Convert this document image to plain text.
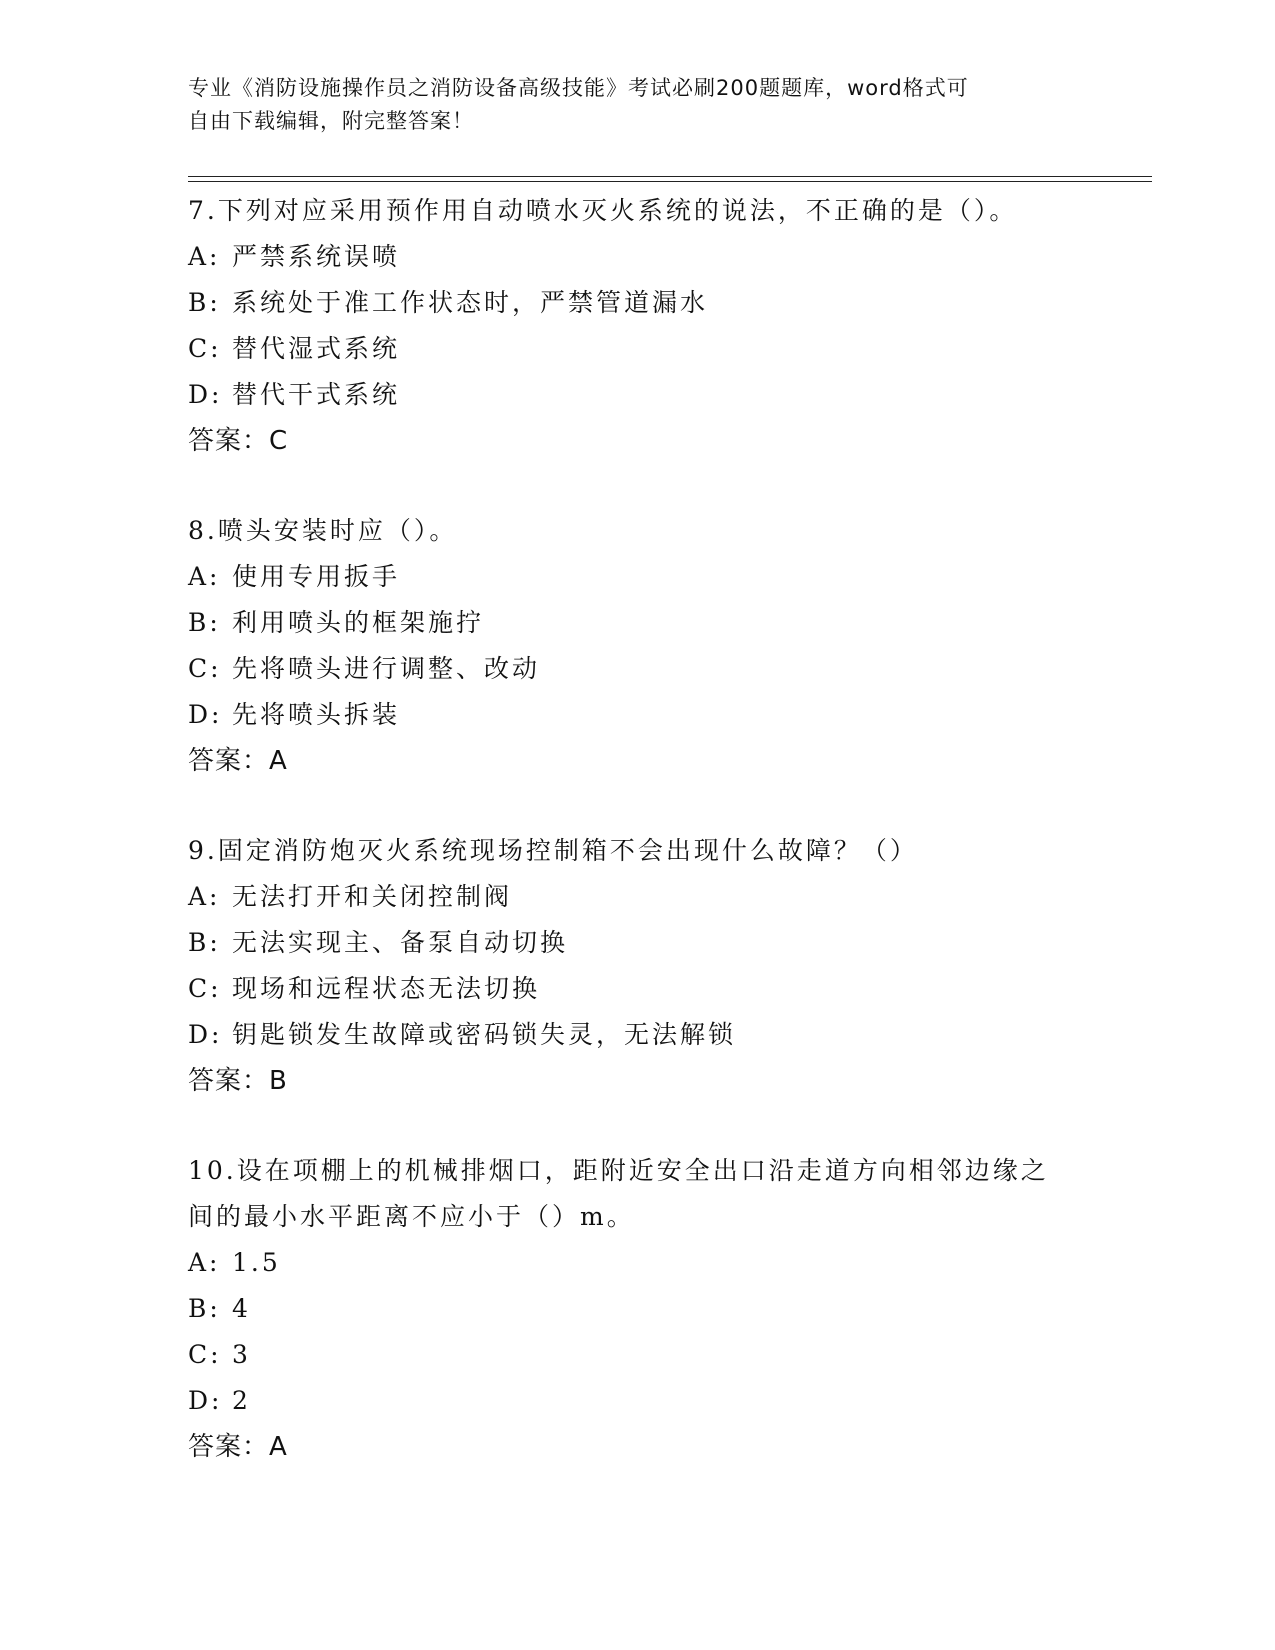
专业《消防设施操作员之消防设备高级技能》考试必刷200题题库，word格式可
自由下载编辑，附完整答案！
7.下列对应采用预作用自动喷水灭火系统的说法，不正确的是（）。
A: 严禁系统误喷
B: 系统处于准工作状态时，严禁管道漏水
C: 替代湿式系统
D: 替代干式系统
答案：C
8.喷头安装时应（）。
A: 使用专用扳手
B: 利用喷头的框架施拧
C: 先将喷头进行调整、改动
D: 先将喷头拆装
答案：A
9.固定消防炮灭火系统现场控制箱不会出现什么故障？（）
A: 无法打开和关闭控制阀
B: 无法实现主、备泵自动切换
C: 现场和远程状态无法切换
D: 钥匙锁发生故障或密码锁失灵，无法解锁
答案：B
10.设在项棚上的机械排烟口，距附近安全出口沿走道方向相邻边缘之
间的最小水平距离不应小于（）m。
A: 1.5
B: 4
C: 3
D: 2
答案：A
